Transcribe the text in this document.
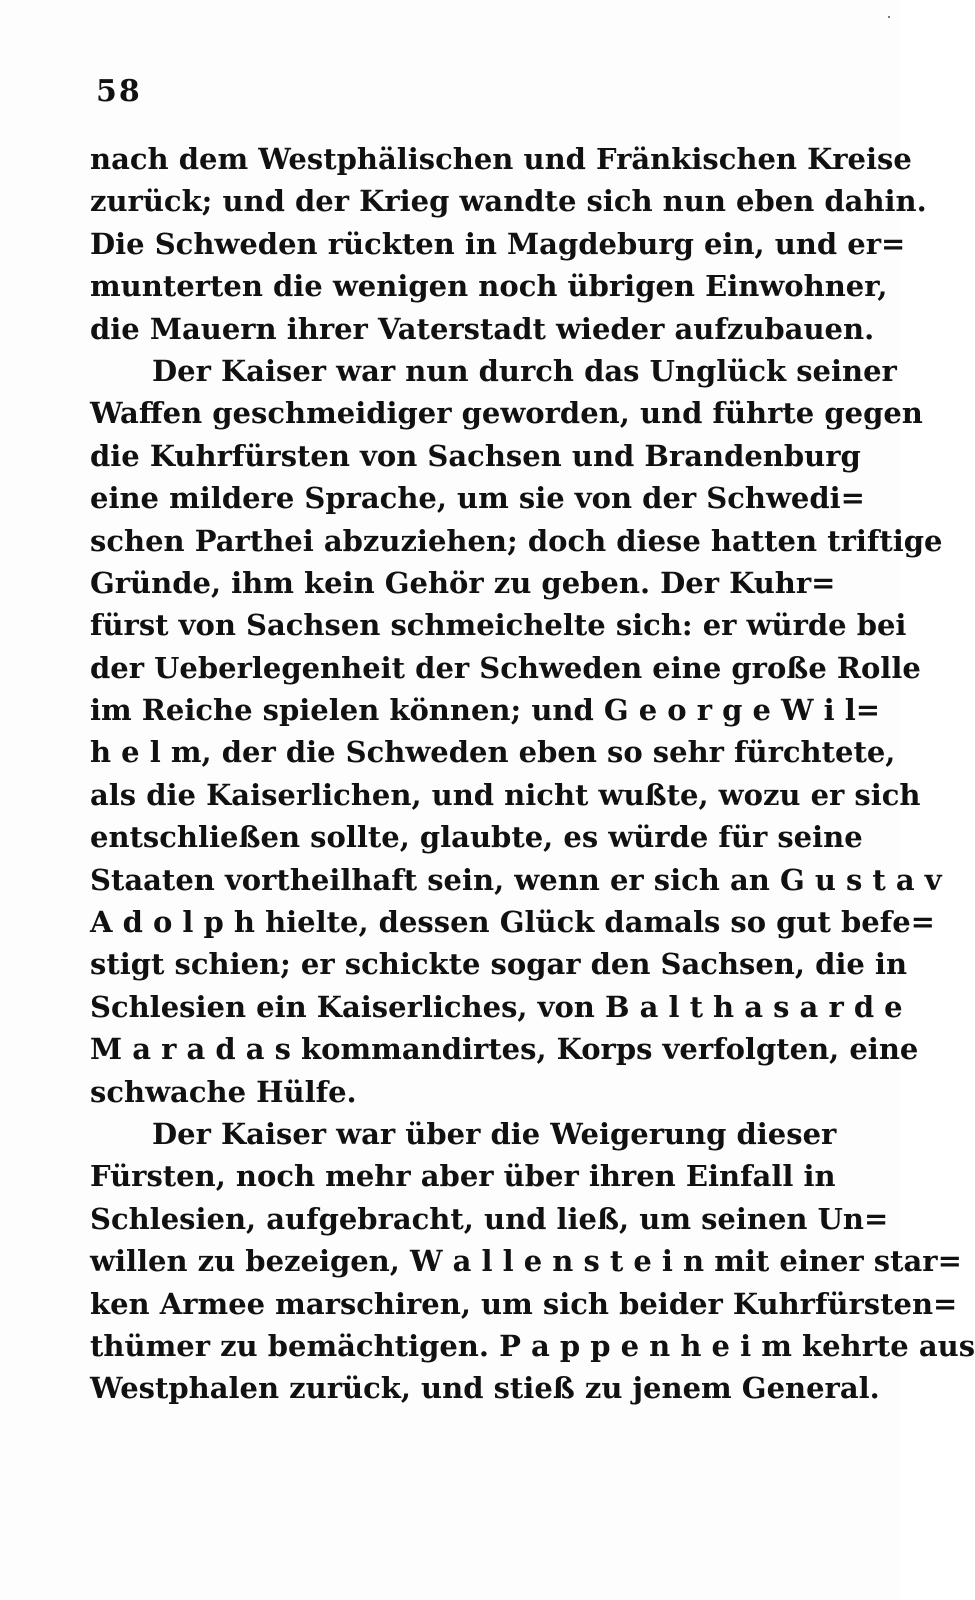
58
nach dem Westphälischen und Fränkischen Kreise
zurück; und der Krieg wandte sich nun eben dahin.
Die Schweden rückten in Magdeburg ein, und er=
munterten die wenigen noch übrigen Einwohner,
die Mauern ihrer Vaterstadt wieder aufzubauen.
Der Kaiser war nun durch das Unglück seiner
Waffen geschmeidiger geworden, und führte gegen
die Kuhrfürsten von Sachsen und Brandenburg
eine mildere Sprache, um sie von der Schwedi=
schen Parthei abzuziehen; doch diese hatten triftige
Gründe, ihm kein Gehör zu geben. Der Kuhr=
fürst von Sachsen schmeichelte sich: er würde bei
der Ueberlegenheit der Schweden eine große Rolle
im Reiche spielen können; und G e o r g e W i l=
h e l m, der die Schweden eben so sehr fürchtete,
als die Kaiserlichen, und nicht wußte, wozu er sich
entschließen sollte, glaubte, es würde für seine
Staaten vortheilhaft sein, wenn er sich an G u s t a v
A d o l p h hielte, dessen Glück damals so gut befe=
stigt schien; er schickte sogar den Sachsen, die in
Schlesien ein Kaiserliches, von B a l t h a s a r d e
M a r a d a s kommandirtes, Korps verfolgten, eine
schwache Hülfe.
Der Kaiser war über die Weigerung dieser
Fürsten, noch mehr aber über ihren Einfall in
Schlesien, aufgebracht, und ließ, um seinen Un=
willen zu bezeigen, W a l l e n s t e i n mit einer star=
ken Armee marschiren, um sich beider Kuhrfürsten=
thümer zu bemächtigen. P a p p e n h e i m kehrte aus
Westphalen zurück, und stieß zu jenem General.
